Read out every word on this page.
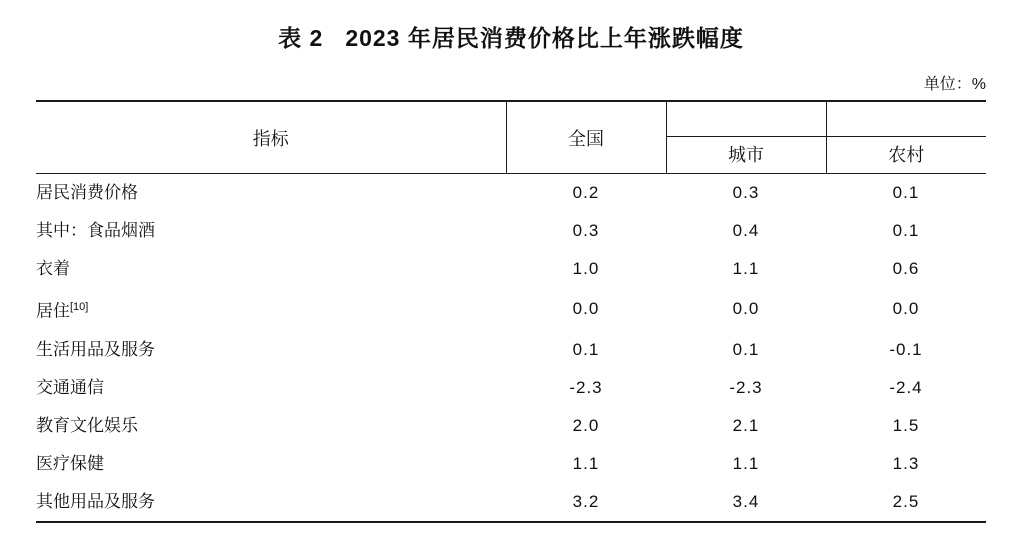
表 2 2023 年居民消费价格比上年涨跌幅度
单位：%

指标	全国		
		城市	农村

居民消费价格	0.2	0.3	0.1
其中：食品烟酒	0.3	0.4	0.1
衣着	1.0	1.1	0.6
居住[10]	0.0	0.0	0.0
生活用品及服务	0.1	0.1	-0.1
交通通信	-2.3	-2.3	-2.4
教育文化娱乐	2.0	2.1	1.5
医疗保健	1.1	1.1	1.3
其他用品及服务	3.2	3.4	2.5
